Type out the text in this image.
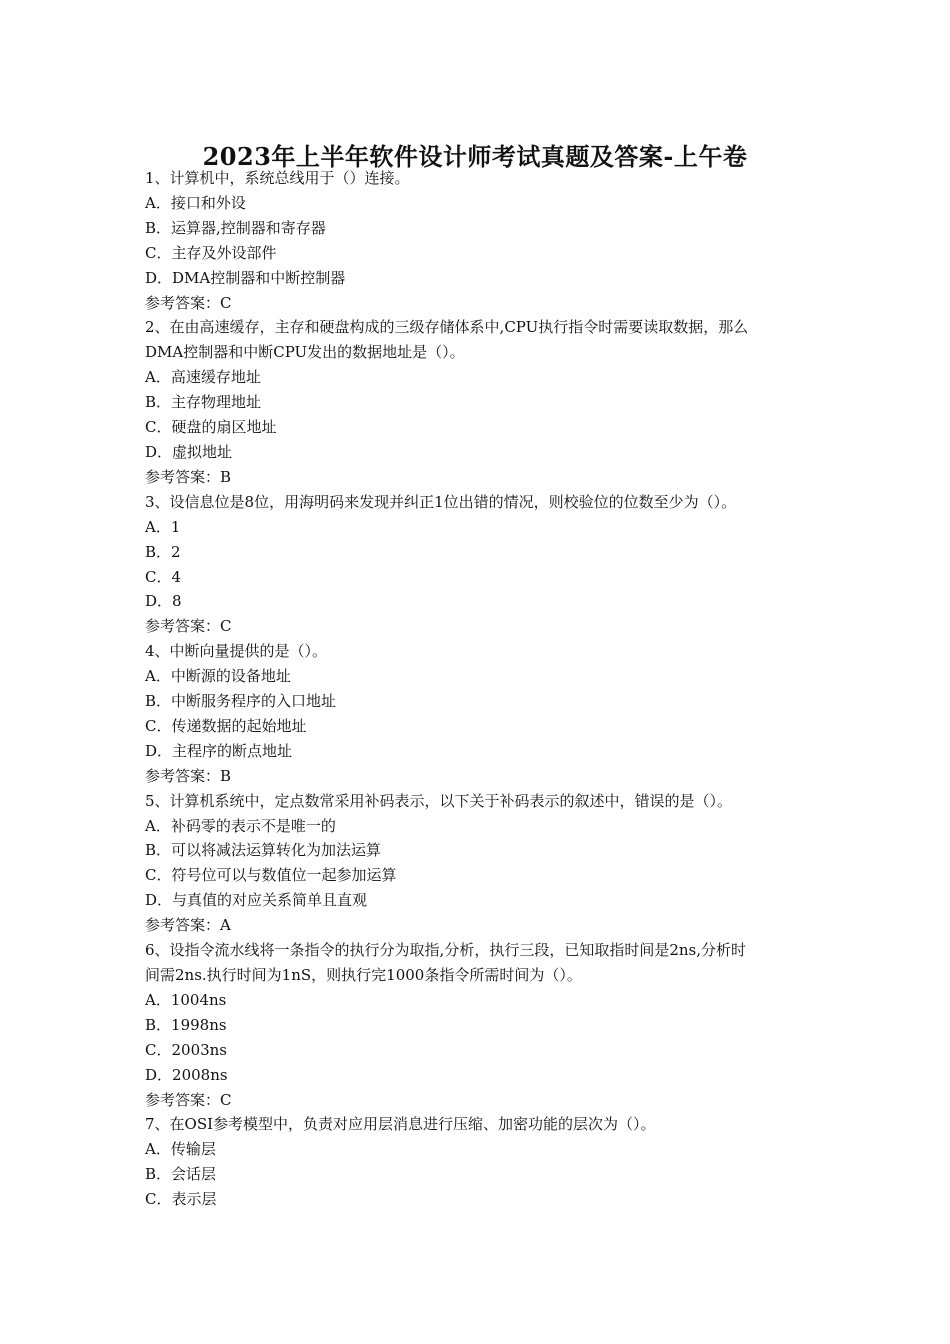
2023年上半年软件设计师考试真题及答案-上午卷
1、计算机中，系统总线用于（）连接。
A．接口和外设
B．运算器,控制器和寄存器
C．主存及外设部件
D．DMA控制器和中断控制器
参考答案：C
2、在由高速缓存，主存和硬盘构成的三级存储体系中,CPU执行指令时需要读取数据，那么
DMA控制器和中断CPU发出的数据地址是（）。
A．高速缓存地址
B．主存物理地址
C．硬盘的扇区地址
D．虚拟地址
参考答案：B
3、设信息位是8位，用海明码来发现并纠正1位出错的情况，则校验位的位数至少为（）。
A．1
B．2
C．4
D．8
参考答案：C
4、中断向量提供的是（）。
A．中断源的设备地址
B．中断服务程序的入口地址
C．传递数据的起始地址
D．主程序的断点地址
参考答案：B
5、计算机系统中，定点数常采用补码表示，以下关于补码表示的叙述中，错误的是（）。
A．补码零的表示不是唯一的
B．可以将减法运算转化为加法运算
C．符号位可以与数值位一起参加运算
D．与真值的对应关系简单且直观
参考答案：A
6、设指令流水线将一条指令的执行分为取指,分析，执行三段，已知取指时间是2ns,分析时
间需2ns.执行时间为1nS，则执行完1000条指令所需时间为（）。
A．1004ns
B．1998ns
C．2003ns
D．2008ns
参考答案：C
7、在OSI参考模型中，负责对应用层消息进行压缩、加密功能的层次为（）。
A．传输层
B．会话层
C．表示层
